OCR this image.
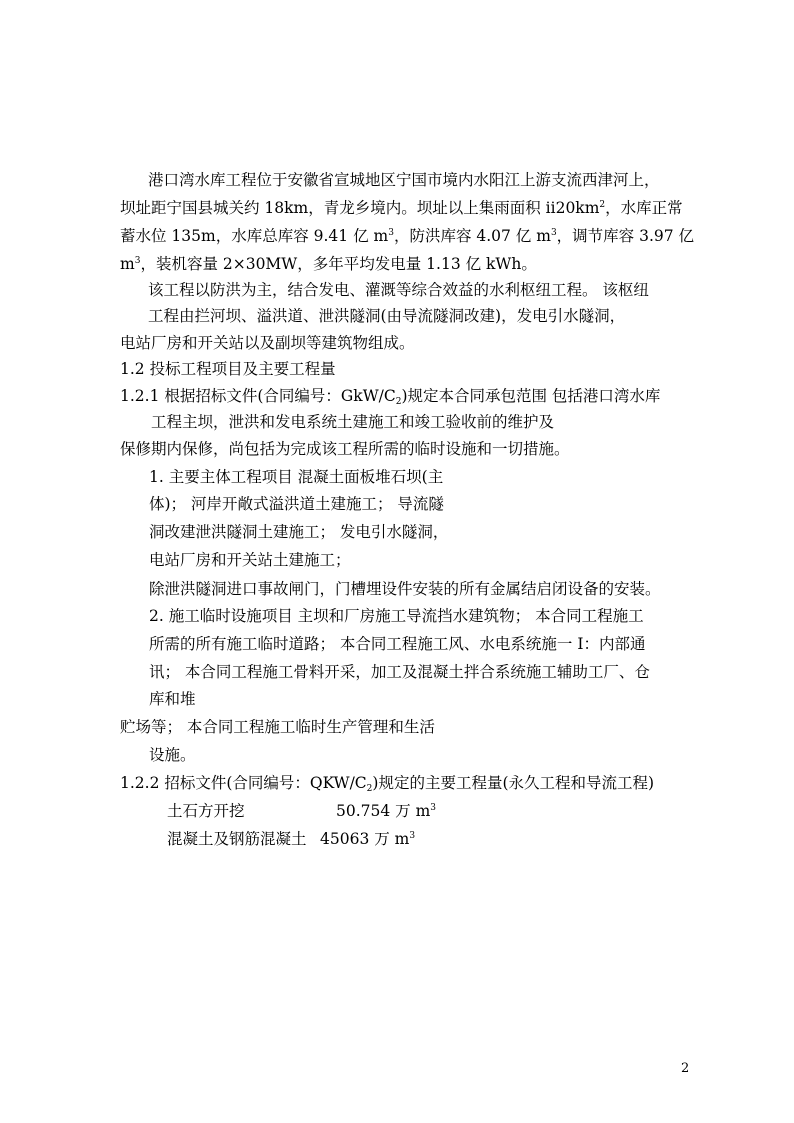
港口湾水库工程位于安徽省宣城地区宁国市境内水阳江上游支流西津河上，

坝址距宁国县城关约 18km，青龙乡境内。坝址以上集雨面积 $ⅱ20km^2$，水库正常

蓄水位 135m，水库总库容 9.41 亿 $m^3$，防洪库容 4.07 亿 $m^3$，调节库容 3.97 亿

$m^3$，装机容量 2×30MW，多年平均发电量 1.13 亿 kWh。

该工程以防洪为主，结合发电、灌溉等综合效益的水利枢纽工程。 该枢纽

工程由拦河坝、溢洪道、泄洪隧洞(由导流隧洞改建)，发电引水隧洞，

电站厂房和开关站以及副坝等建筑物组成。

1.2 投标工程项目及主要工程量

1.2.1 根据招标文件(合同编号：GkW/$C_2$)规定本合同承包范围 包括港口湾水库

工程主坝，泄洪和发电系统土建施工和竣工验收前的维护及

保修期内保修，尚包括为完成该工程所需的临时设施和一切措施。

1. 主要主体工程项目 混凝土面板堆石坝(主

体)； 河岸开敞式溢洪道土建施工； 导流隧

洞改建泄洪隧洞土建施工； 发电引水隧洞，

电站厂房和开关站土建施工；

除泄洪隧洞进口事故闸门，门槽埋设件安装的所有金属结启闭设备的安装。

2. 施工临时设施项目 主坝和厂房施工导流挡水建筑物； 本合同工程施工

所需的所有施工临时道路； 本合同工程施工风、水电系统施一 I：内部通

讯； 本合同工程施工骨料开采，加工及混凝土拌合系统施工辅助工厂、仓

库和堆

贮场等； 本合同工程施工临时生产管理和生活

设施。

1.2.2 招标文件(合同编号：QKW/$C_2$)规定的主要工程量(永久工程和导流工程)

土石方开挖	50.754 万 $m^3$

混凝土及钢筋混凝土 45063 万 $m^3$

2
